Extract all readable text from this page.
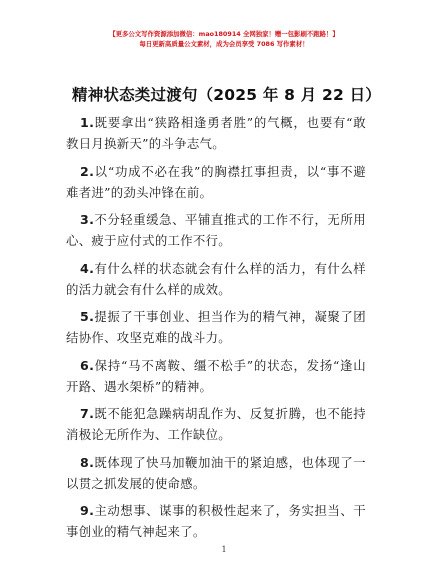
【更多公文写作资源添加微信：mao180914 全网独家！赠一包影刷不跑路！】
每日更新高质量公文素材，成为会员享受 7086 写作素材！
精神状态类过渡句（2025 年 8 月 22 日）
1.既要拿出“狭路相逢勇者胜”的气概，也要有“敢教日月换新天”的斗争志气。
2.以“功成不必在我”的胸襟扛事担责，以“事不避难者进”的劲头冲锋在前。
3.不分轻重缓急、平铺直推式的工作不行，无所用心、疲于应付式的工作不行。
4.有什么样的状态就会有什么样的活力，有什么样的活力就会有什么样的成效。
5.提振了干事创业、担当作为的精气神，凝聚了团结协作、攻坚克难的战斗力。
6.保持“马不离鞍、缰不松手”的状态，发扬“逢山开路、遇水架桥”的精神。
7.既不能犯急躁病胡乱作为、反复折腾，也不能持消极论无所作为、工作缺位。
8.既体现了快马加鞭加油干的紧迫感，也体现了一以贯之抓发展的使命感。
9.主动想事、谋事的积极性起来了，务实担当、干事创业的精气神起来了。
1
